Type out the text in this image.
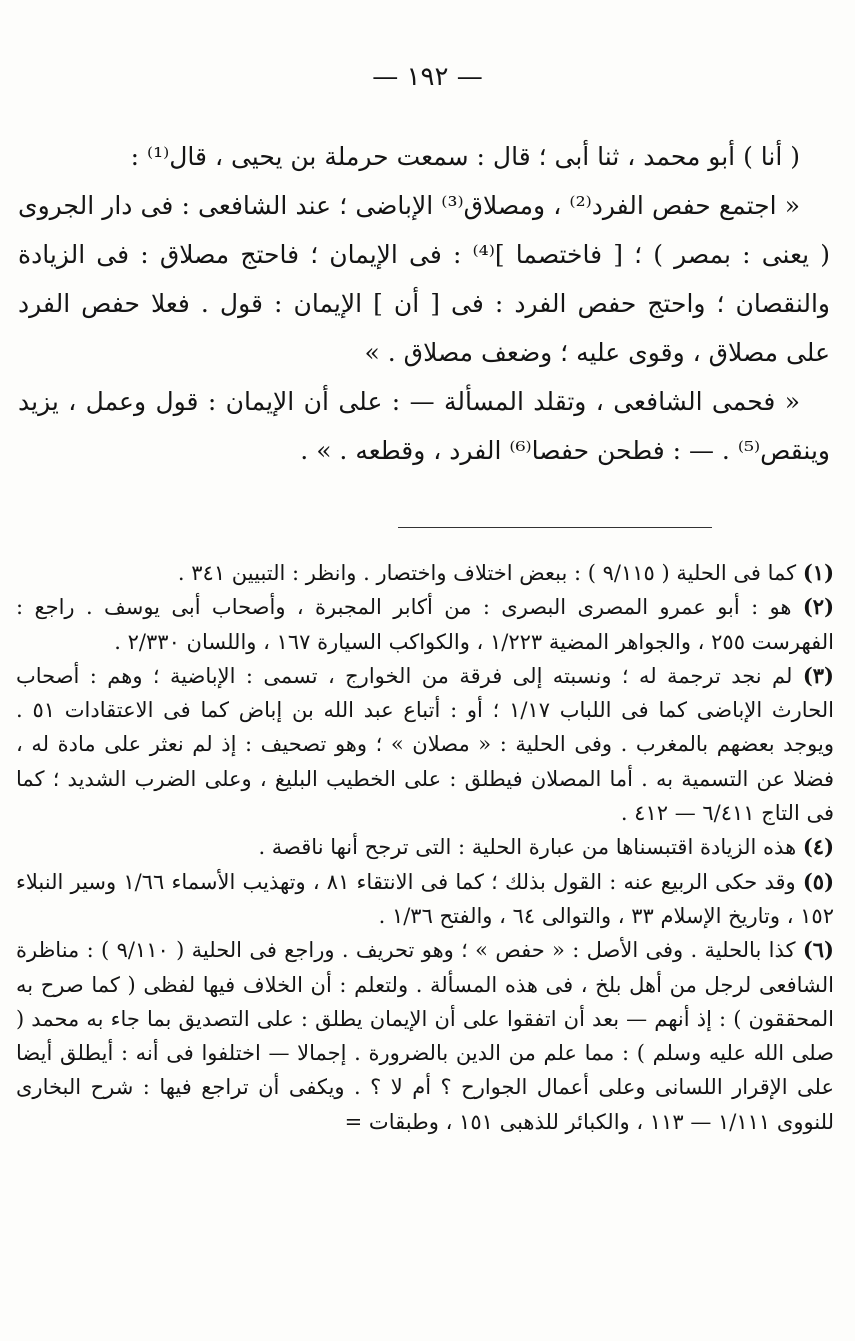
— ١٩٢ —

( أنا ) أبو محمد ، ثنا أبى ؛ قال : سمعت حرملة بن يحيى ، قال⁽¹⁾ :

« اجتمع حفص الفرد⁽²⁾ ، ومصلاق⁽³⁾ الإباضى ؛ عند الشافعى : فى دار الجروى ( يعنى : بمصر ) ؛ [ فاختصما ]⁽⁴⁾ : فى الإيمان ؛ فاحتج مصلاق : فى الزيادة والنقصان ؛ واحتج حفص الفرد : فى [ أن ] الإيمان : قول . فعلا حفص الفرد على مصلاق ، وقوى عليه ؛ وضعف مصلاق . »

« فحمى الشافعى ، وتقلد المسألة — : على أن الإيمان : قول وعمل ، يزيد وينقص⁽⁵⁾ . — : فطحن حفصا⁽⁶⁾ الفرد ، وقطعه . » .

(١) كما فى الحلية ( ٩/١١٥ ) : ببعض اختلاف واختصار . وانظر : التبيين ٣٤١ .

(٢) هو : أبو عمرو المصرى البصرى : من أكابر المجبرة ، وأصحاب أبى يوسف . راجع : الفهرست ٢٥٥ ، والجواهر المضية ١/٢٢٣ ، والكواكب السيارة ١٦٧ ، واللسان ٢/٣٣٠ .

(٣) لم نجد ترجمة له ؛ ونسبته إلى فرقة من الخوارج ، تسمى : الإباضية ؛ وهم : أصحاب الحارث الإباضى كما فى اللباب ١/١٧ ؛ أو : أتباع عبد الله بن إباض كما فى الاعتقادات ٥١ . ويوجد بعضهم بالمغرب . وفى الحلية : « مصلان » ؛ وهو تصحيف : إذ لم نعثر على مادة له ، فضلا عن التسمية به . أما المصلان فيطلق : على الخطيب البليغ ، وعلى الضرب الشديد ؛ كما فى التاج ٦/٤١١ — ٤١٢ .

(٤) هذه الزيادة اقتبسناها من عبارة الحلية : التى ترجح أنها ناقصة .

(٥) وقد حكى الربيع عنه : القول بذلك ؛ كما فى الانتقاء ٨١ ، وتهذيب الأسماء ١/٦٦ وسير النبلاء ١٥٢ ، وتاريخ الإسلام ٣٣ ، والتوالى ٦٤ ، والفتح ١/٣٦ .

(٦) كذا بالحلية . وفى الأصل : « حفص » ؛ وهو تحريف . وراجع فى الحلية ( ٩/١١٠ ) : مناظرة الشافعى لرجل من أهل بلخ ، فى هذه المسألة . ولتعلم : أن الخلاف فيها لفظى ( كما صرح به المحققون ) : إذ أنهم — بعد أن اتفقوا على أن الإيمان يطلق : على التصديق بما جاء به محمد ( صلى الله عليه وسلم ) : مما علم من الدين بالضرورة . إجمالا — اختلفوا فى أنه : أيطلق أيضا على الإقرار اللسانى وعلى أعمال الجوارح ؟ أم لا ؟ . ويكفى أن تراجع فيها : شرح البخارى للنووى ١/١١١ — ١١٣ ، والكبائر للذهبى ١٥١ ، وطبقات =
